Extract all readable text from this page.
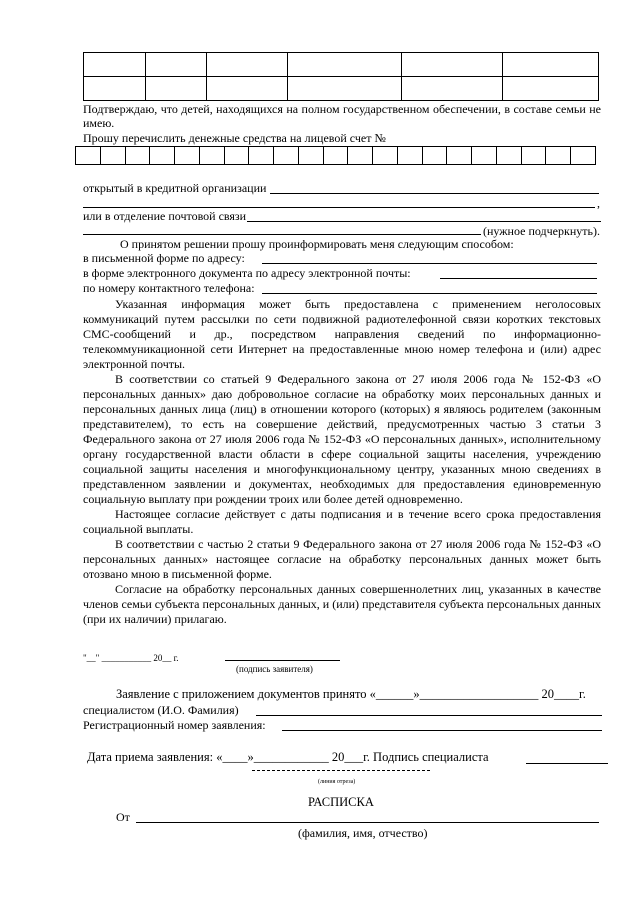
Подтверждаю, что детей, находящихся на полном государственном обеспечении, в составе семьи не имею.
Прошу перечислить денежные средства на лицевой счет №

открытый в кредитной организации
,
или в отделение почтовой связи
(нужное подчеркнуть).
О принятом решении прошу проинформировать меня следующим способом:
в письменной форме по адресу:
в форме электронного документа по адресу электронной почты:
по номеру контактного телефона:

Указанная информация может быть предоставлена с применением неголосовых коммуникаций путем рассылки по сети подвижной радиотелефонной связи коротких текстовых СМС-сообщений и др., посредством направления сведений по информационно-телекоммуникационной сети Интернет на предоставленные мною номер телефона и (или) адрес электронной почты.

В соответствии со статьей 9 Федерального закона от 27 июля 2006 года № 152-ФЗ «О персональных данных» даю добровольное согласие на обработку моих персональных данных и персональных данных лица (лиц) в отношении которого (которых) я являюсь родителем (законным представителем), то есть на совершение действий, предусмотренных частью 3 статьи 3 Федерального закона от 27 июля 2006 года № 152-ФЗ «О персональных данных», исполнительному органу государственной власти области в сфере социальной защиты населения, учреждению социальной защиты населения и многофункциональному центру, указанных мною сведениях в представленном заявлении и документах, необходимых для предоставления единовременную социальную выплату при рождении троих или более детей одновременно.

Настоящее согласие действует с даты подписания и в течение всего срока предоставления социальной выплаты.

В соответствии с частью 2 статьи 9 Федерального закона от 27 июля 2006 года № 152-ФЗ «О персональных данных» настоящее согласие на обработку персональных данных может быть отозвано мною в письменной форме.

Согласие на обработку персональных данных совершеннолетних лиц, указанных в качестве членов семьи субъекта персональных данных, и (или) представителя субъекта персональных данных (при их наличии) прилагаю.

"__" ___________ 20__ г.
(подпись заявителя)
Заявление с приложением документов принято «______»___________________ 20____г.
специалистом (И.О. Фамилия)
Регистрационный номер заявления:
Дата приема заявления: «____»____________ 20___г. Подпись специалиста
(линия отреза)
РАСПИСКА
От
(фамилия, имя, отчество)
